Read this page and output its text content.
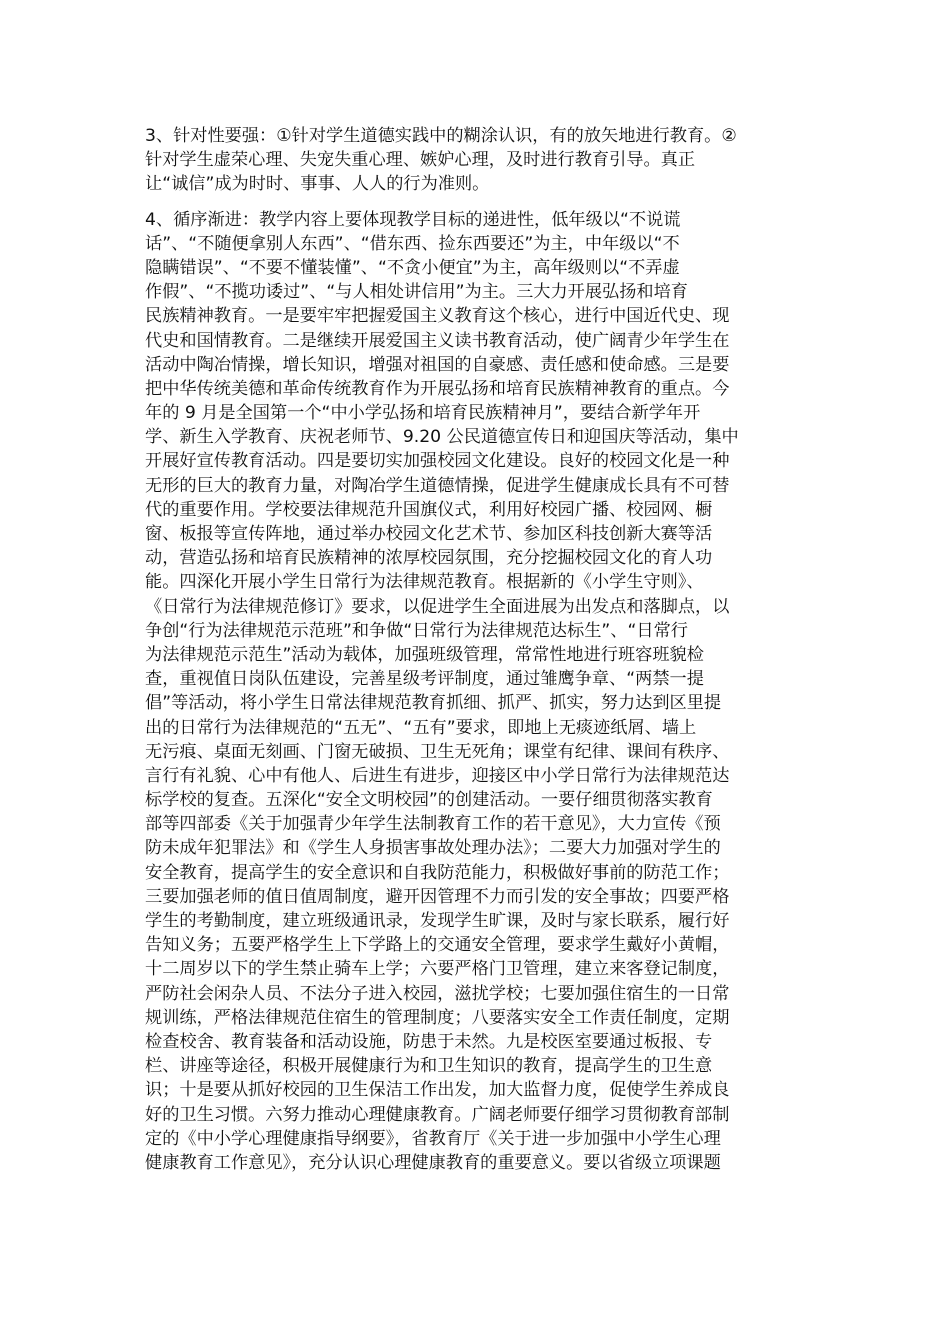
3、针对性要强：①针对学生道德实践中的糊涂认识，有的放矢地进行教育。②
针对学生虚荣心理、失宠失重心理、嫉妒心理，及时进行教育引导。真正
让“诚信”成为时时、事事、人人的行为准则。
4、循序渐进：教学内容上要体现教学目标的递进性，低年级以“不说谎
话”、“不随便拿别人东西”、“借东西、捡东西要还”为主，中年级以“不
隐瞒错误”、“不要不懂装懂”、“不贪小便宜”为主，高年级则以“不弄虚
作假”、“不揽功诿过”、“与人相处讲信用”为主。三大力开展弘扬和培育
民族精神教育。一是要牢牢把握爱国主义教育这个核心，进行中国近代史、现
代史和国情教育。二是继续开展爱国主义读书教育活动，使广阔青少年学生在
活动中陶冶情操，增长知识，增强对祖国的自豪感、责任感和使命感。三是要
把中华传统美德和革命传统教育作为开展弘扬和培育民族精神教育的重点。今
年的 9 月是全国第一个“中小学弘扬和培育民族精神月”，要结合新学年开
学、新生入学教育、庆祝老师节、9.20 公民道德宣传日和迎国庆等活动，集中
开展好宣传教育活动。四是要切实加强校园文化建设。良好的校园文化是一种
无形的巨大的教育力量，对陶冶学生道德情操，促进学生健康成长具有不可替
代的重要作用。学校要法律规范升国旗仪式，利用好校园广播、校园网、橱
窗、板报等宣传阵地，通过举办校园文化艺术节、参加区科技创新大赛等活
动，营造弘扬和培育民族精神的浓厚校园氛围，充分挖掘校园文化的育人功
能。四深化开展小学生日常行为法律规范教育。根据新的《小学生守则》、
《日常行为法律规范修订》要求，以促进学生全面进展为出发点和落脚点，以
争创“行为法律规范示范班”和争做“日常行为法律规范达标生”、“日常行
为法律规范示范生”活动为载体，加强班级管理，常常性地进行班容班貌检
查，重视值日岗队伍建设，完善星级考评制度，通过雏鹰争章、“两禁一提
倡”等活动，将小学生日常法律规范教育抓细、抓严、抓实，努力达到区里提
出的日常行为法律规范的“五无”、“五有”要求，即地上无痰迹纸屑、墙上
无污痕、桌面无刻画、门窗无破损、卫生无死角；课堂有纪律、课间有秩序、
言行有礼貌、心中有他人、后进生有进步，迎接区中小学日常行为法律规范达
标学校的复查。五深化“安全文明校园”的创建活动。一要仔细贯彻落实教育
部等四部委《关于加强青少年学生法制教育工作的若干意见》，大力宣传《预
防未成年犯罪法》和《学生人身损害事故处理办法》；二要大力加强对学生的
安全教育，提高学生的安全意识和自我防范能力，积极做好事前的防范工作；
三要加强老师的值日值周制度，避开因管理不力而引发的安全事故；四要严格
学生的考勤制度，建立班级通讯录，发现学生旷课，及时与家长联系，履行好
告知义务；五要严格学生上下学路上的交通安全管理，要求学生戴好小黄帽，
十二周岁以下的学生禁止骑车上学；六要严格门卫管理，建立来客登记制度，
严防社会闲杂人员、不法分子进入校园，滋扰学校；七要加强住宿生的一日常
规训练，严格法律规范住宿生的管理制度；八要落实安全工作责任制度，定期
检查校舍、教育装备和活动设施，防患于未然。九是校医室要通过板报、专
栏、讲座等途径，积极开展健康行为和卫生知识的教育，提高学生的卫生意
识；十是要从抓好校园的卫生保洁工作出发，加大监督力度，促使学生养成良
好的卫生习惯。六努力推动心理健康教育。广阔老师要仔细学习贯彻教育部制
定的《中小学心理健康指导纲要》，省教育厅《关于进一步加强中小学生心理
健康教育工作意见》，充分认识心理健康教育的重要意义。要以省级立项课题
